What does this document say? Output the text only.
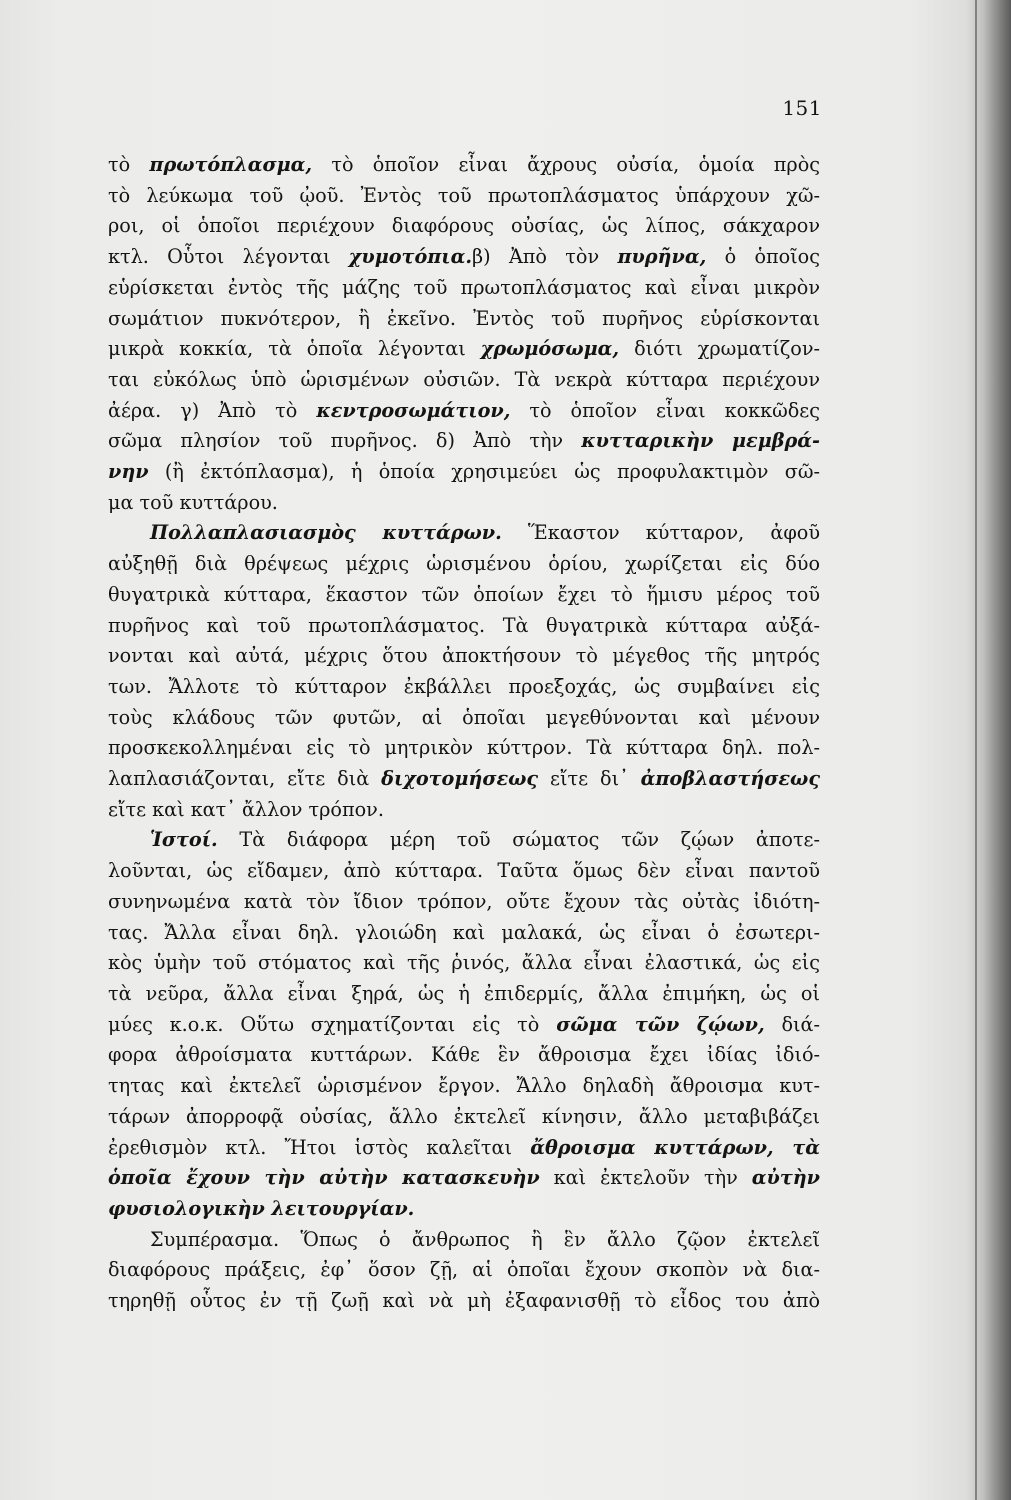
151
τὸ πρωτόπλασμα, τὸ ὁποῖον εἶναι ἄχρους οὐσία, ὁμοία πρὸς
τὸ λεύκωμα τοῦ ᾠοῦ. Ἐντὸς τοῦ πρωτοπλάσματος ὑπάρχουν χῶ-
ροι, οἱ ὁποῖοι περιέχουν διαφόρους οὐσίας, ὡς λίπος, σάκχαρον
κτλ. Οὗτοι λέγονται χυμοτόπια.β) Ἀπὸ τὸν πυρῆνα, ὁ ὁποῖος
εὑρίσκεται ἐντὸς τῆς μάζης τοῦ πρωτοπλάσματος καὶ εἶναι μικρὸν
σωμάτιον πυκνότερον, ἢ ἐκεῖνο. Ἐντὸς τοῦ πυρῆνος εὑρίσκονται
μικρὰ κοκκία, τὰ ὁποῖα λέγονται χρωμόσωμα, διότι χρωματίζον-
ται εὐκόλως ὑπὸ ὡρισμένων οὐσιῶν. Τὰ νεκρὰ κύτταρα περιέχουν
ἀέρα. γ) Ἀπὸ τὸ κεντροσωμάτιον, τὸ ὁποῖον εἶναι κοκκῶδες
σῶμα πλησίον τοῦ πυρῆνος. δ) Ἀπὸ τὴν κυτταρικὴν μεμβρά-
νην (ἢ ἐκτόπλασμα), ἡ ὁποία χρησιμεύει ὡς προφυλακτιμὸν σῶ-
μα τοῦ κυττάρου.
Πολλαπλασιασμὸς κυττάρων. Ἕκαστον κύτταρον, ἀφοῦ
αὐξηθῇ διὰ θρέψεως μέχρις ὡρισμένου ὁρίου, χωρίζεται εἰς δύο
θυγατρικὰ κύτταρα, ἕκαστον τῶν ὁποίων ἔχει τὸ ἥμισυ μέρος τοῦ
πυρῆνος καὶ τοῦ πρωτοπλάσματος. Τὰ θυγατρικὰ κύτταρα αὐξά-
νονται καὶ αὐτά, μέχρις ὅτου ἀποκτήσουν τὸ μέγεθος τῆς μητρός
των. Ἄλλοτε τὸ κύτταρον ἐκβάλλει προεξοχάς, ὡς συμβαίνει εἰς
τοὺς κλάδους τῶν φυτῶν, αἱ ὁποῖαι μεγεθύνονται καὶ μένουν
προσκεκολλημέναι εἰς τὸ μητρικὸν κύττρον. Τὰ κύτταρα δηλ. πολ-
λαπλασιάζονται, εἴτε διὰ διχοτομήσεως εἴτε δι᾽ ἀποβλαστήσεως
εἴτε καὶ κατ᾽ ἄλλον τρόπον.
Ἱστοί. Τὰ διάφορα μέρη τοῦ σώματος τῶν ζῴων ἀποτε-
λοῦνται, ὡς εἴδαμεν, ἀπὸ κύτταρα. Ταῦτα ὅμως δὲν εἶναι παντοῦ
συνηνωμένα κατὰ τὸν ἴδιον τρόπον, οὔτε ἔχουν τὰς οὐτὰς ἰδιότη-
τας. Ἄλλα εἶναι δηλ. γλοιώδη καὶ μαλακά, ὡς εἶναι ὁ ἐσωτερι-
κὸς ὑμὴν τοῦ στόματος καὶ τῆς ῥινός, ἄλλα εἶναι ἐλαστικά, ὡς εἰς
τὰ νεῦρα, ἄλλα εἶναι ξηρά, ὡς ἡ ἐπιδερμίς, ἄλλα ἐπιμήκη, ὡς οἱ
μύες κ.ο.κ. Οὕτω σχηματίζονται εἰς τὸ σῶμα τῶν ζῴων, διά-
φορα ἀθροίσματα κυττάρων. Κάθε ἓν ἄθροισμα ἔχει ἰδίας ἰδιό-
τητας καὶ ἐκτελεῖ ὡρισμένον ἔργον. Ἄλλο δηλαδὴ ἄθροισμα κυτ-
τάρων ἀπορροφᾷ οὐσίας, ἄλλο ἐκτελεῖ κίνησιν, ἄλλο μεταβιβάζει
ἐρεθισμὸν κτλ. Ἤτοι ἱστὸς καλεῖται ἄθροισμα κυττάρων, τὰ
ὁποῖα ἔχουν τὴν αὐτὴν κατασκευὴν καὶ ἐκτελοῦν τὴν αὐτὴν
φυσιολογικὴν λειτουργίαν.
Συμπέρασμα. Ὅπως ὁ ἄνθρωπος ἢ ἓν ἄλλο ζῷον ἐκτελεῖ
διαφόρους πράξεις, ἐφ᾽ ὅσον ζῇ, αἱ ὁποῖαι ἔχουν σκοπὸν νὰ δια-
τηρηθῇ οὗτος ἐν τῇ ζωῇ καὶ νὰ μὴ ἐξαφανισθῇ τὸ εἶδος του ἀπὸ
